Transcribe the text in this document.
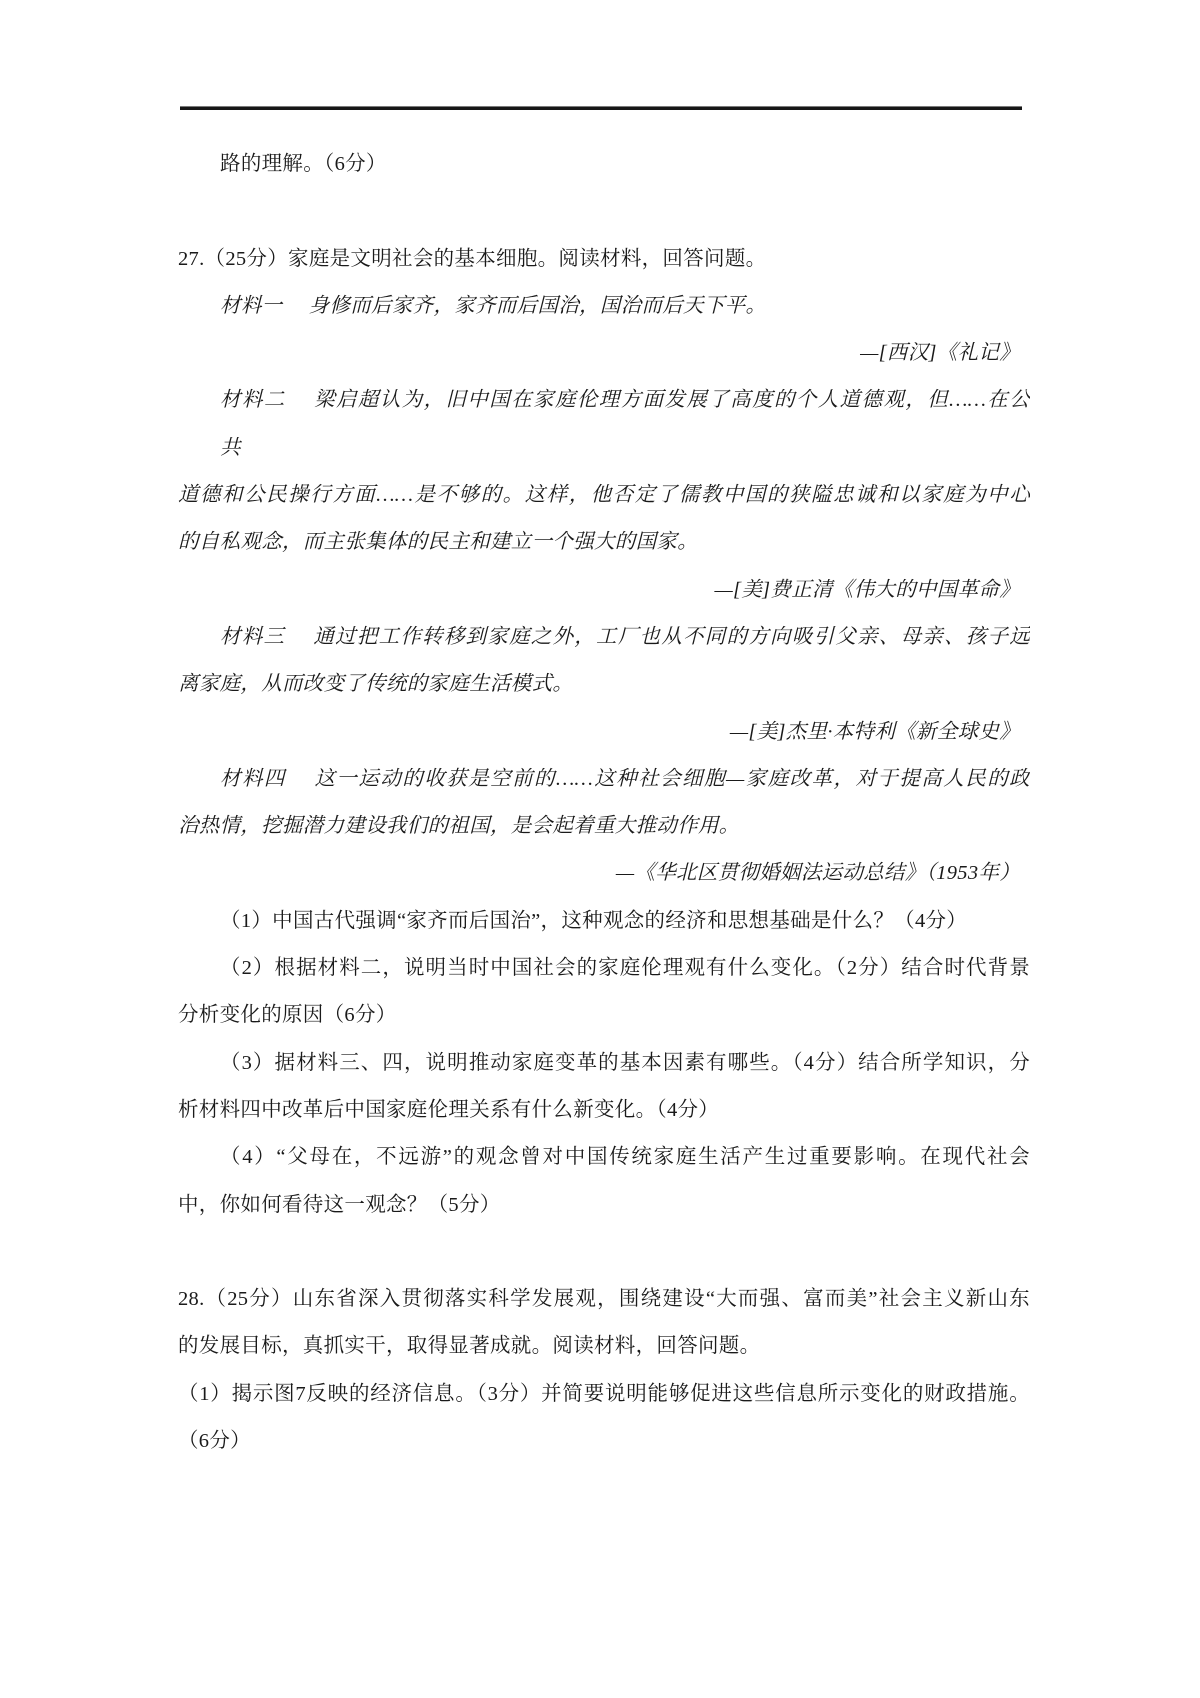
路的理解。（6分）
27.（25分）家庭是文明社会的基本细胞。阅读材料，回答问题。
材料一　 身修而后家齐，家齐而后国治，国治而后天下平。
—[西汉]《礼记》
材料二　 梁启超认为，旧中国在家庭伦理方面发展了高度的个人道德观，但……在公
共
道德和公民操行方面……是不够的。这样，他否定了儒教中国的狭隘忠诚和以家庭为中心
的自私观念，而主张集体的民主和建立一个强大的国家。
—[美]费正清《伟大的中国革命》
材料三　 通过把工作转移到家庭之外，工厂也从不同的方向吸引父亲、母亲、孩子远
离家庭，从而改变了传统的家庭生活模式。
—[美]杰里·本特利《新全球史》
材料四　 这一运动的收获是空前的……这种社会细胞—家庭改革，对于提高人民的政
治热情，挖掘潜力建设我们的祖国，是会起着重大推动作用。
—《华北区贯彻婚姻法运动总结》（1953年）
（1）中国古代强调“家齐而后国治”，这种观念的经济和思想基础是什么？（4分）
（2）根据材料二，说明当时中国社会的家庭伦理观有什么变化。（2分）结合时代背景
分析变化的原因（6分）
（3）据材料三、四，说明推动家庭变革的基本因素有哪些。（4分）结合所学知识，分
析材料四中改革后中国家庭伦理关系有什么新变化。（4分）
（4）“父母在，不远游”的观念曾对中国传统家庭生活产生过重要影响。在现代社会
中，你如何看待这一观念？（5分）
28.（25分）山东省深入贯彻落实科学发展观，围绕建设“大而强、富而美”社会主义新山东
的发展目标，真抓实干，取得显著成就。阅读材料，回答问题。
（1）揭示图7反映的经济信息。（3分）并简要说明能够促进这些信息所示变化的财政措施。
（6分）
